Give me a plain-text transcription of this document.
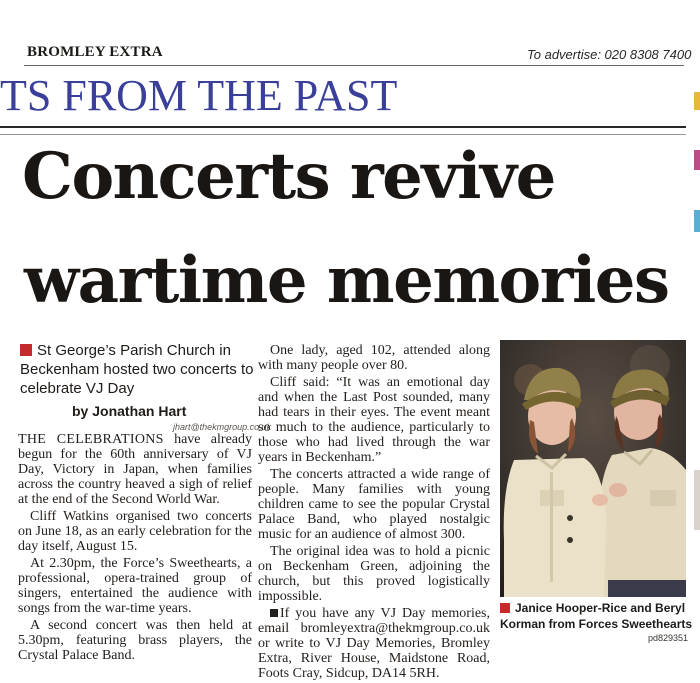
BROMLEY EXTRA	To advertise: 020 8308 7400
TS FROM THE PAST
Concerts revive
wartime memories
St George’s Parish Church in Beckenham hosted two concerts to celebrate VJ Day
by Jonathan Hart
jhart@thekmgroup.co.uk

THE CELEBRATIONS have already begun for the 60th anniversary of VJ Day, Victory in Japan, when families across the country heaved a sigh of relief at the end of the Second World War.

Cliff Watkins organised two concerts on June 18, as an early celebration for the day itself, August 15.

At 2.30pm, the Force’s Sweethearts, a professional, opera-trained group of singers, entertained the audience with songs from the war-time years.

A second concert was then held at 5.30pm, featuring brass players, the Crystal Palace Band.

One lady, aged 102, attended along with many people over 80.

Cliff said: “It was an emotional day and when the Last Post sounded, many had tears in their eyes. The event meant so much to the audience, particularly to those who had lived through the war years in Beckenham.”

The concerts attracted a wide range of people. Many families with young children came to see the popular Crystal Palace Band, who played nostalgic music for an audience of almost 300.

The original idea was to hold a picnic on Beckenham Green, adjoining the church, but this proved logistically impossible.

If you have any VJ Day memories, email bromleyextra@thekmgroup.co.uk or write to VJ Day Memories, Bromley Extra, River House, Maidstone Road, Foots Cray, Sidcup, DA14 5RH.

Janice Hooper-Rice and Beryl Korman from Forces Sweethearts
pd829351
